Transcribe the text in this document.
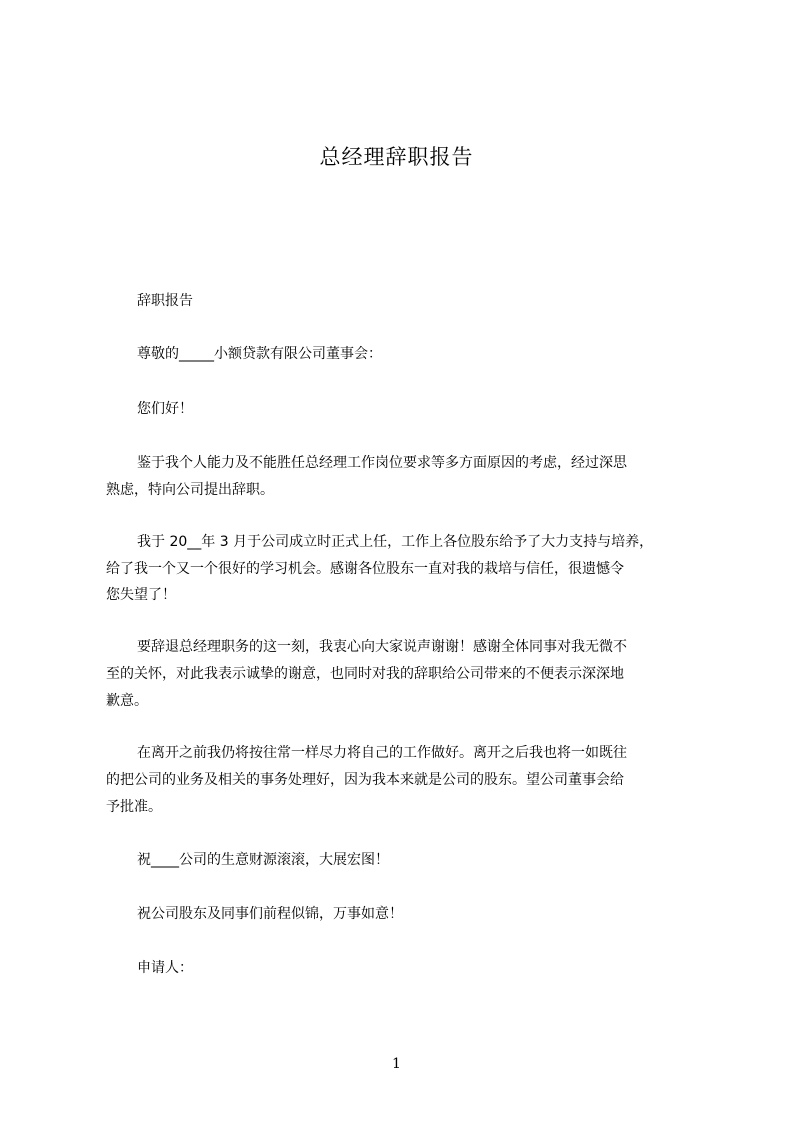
总经理辞职报告

辞职报告

尊敬的_____小额贷款有限公司董事会：

您们好！

鉴于我个人能力及不能胜任总经理工作岗位要求等多方面原因的考虑，经过深思

熟虑，特向公司提出辞职。

我于 20__年 3 月于公司成立时正式上任，工作上各位股东给予了大力支持与培养，

给了我一个又一个很好的学习机会。感谢各位股东一直对我的栽培与信任，很遗憾令

您失望了！

要辞退总经理职务的这一刻，我衷心向大家说声谢谢！感谢全体同事对我无微不

至的关怀，对此我表示诚挚的谢意，也同时对我的辞职给公司带来的不便表示深深地

歉意。

在离开之前我仍将按往常一样尽力将自己的工作做好。离开之后我也将一如既往

的把公司的业务及相关的事务处理好，因为我本来就是公司的股东。望公司董事会给

予批准。

祝____公司的生意财源滚滚，大展宏图！

祝公司股东及同事们前程似锦，万事如意！

申请人：

1
